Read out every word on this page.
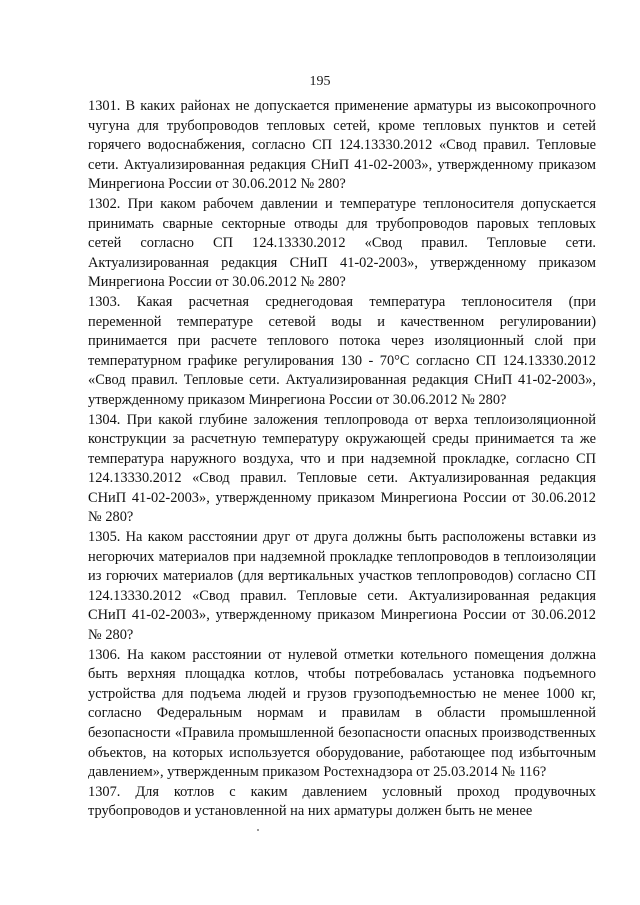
195

1301. В каких районах не допускается применение арматуры из высокопрочного чугуна для трубопроводов тепловых сетей, кроме тепловых пунктов и сетей горячего водоснабжения, согласно СП 124.13330.2012 «Свод правил. Тепловые сети. Актуализированная редакция СНиП 41-02-2003», утвержденному приказом Минрегиона России от 30.06.2012 № 280?

1302. При каком рабочем давлении и температуре теплоносителя допускается принимать сварные секторные отводы для трубопроводов паровых тепловых сетей согласно СП 124.13330.2012 «Свод правил. Тепловые сети. Актуализированная редакция СНиП 41-02-2003», утвержденному приказом Минрегиона России от 30.06.2012 № 280?

1303. Какая расчетная среднегодовая температура теплоносителя (при переменной температуре сетевой воды и качественном регулировании) принимается при расчете теплового потока через изоляционный слой при температурном графике регулирования 130 - 70°С согласно СП 124.13330.2012 «Свод правил. Тепловые сети. Актуализированная редакция СНиП 41-02-2003», утвержденному приказом Минрегиона России от 30.06.2012 № 280?

1304. При какой глубине заложения теплопровода от верха теплоизоляционной конструкции за расчетную температуру окружающей среды принимается та же температура наружного воздуха, что и при надземной прокладке, согласно СП 124.13330.2012 «Свод правил. Тепловые сети. Актуализированная редакция СНиП 41-02-2003», утвержденному приказом Минрегиона России от 30.06.2012 № 280?

1305. На каком расстоянии друг от друга должны быть расположены вставки из негорючих материалов при надземной прокладке теплопроводов в теплоизоляции из горючих материалов (для вертикальных участков теплопроводов) согласно СП 124.13330.2012 «Свод правил. Тепловые сети. Актуализированная редакция СНиП 41-02-2003», утвержденному приказом Минрегиона России от 30.06.2012 № 280?

1306. На каком расстоянии от нулевой отметки котельного помещения должна быть верхняя площадка котлов, чтобы потребовалась установка подъемного устройства для подъема людей и грузов грузоподъемностью не менее 1000 кг, согласно Федеральным нормам и правилам в области промышленной безопасности «Правила промышленной безопасности опасных производственных объектов, на которых используется оборудование, работающее под избыточным давлением», утвержденным приказом Ростехнадзора от 25.03.2014 № 116?

1307. Для котлов с каким давлением условный проход продувочных трубопроводов и установленной на них арматуры должен быть не менее
